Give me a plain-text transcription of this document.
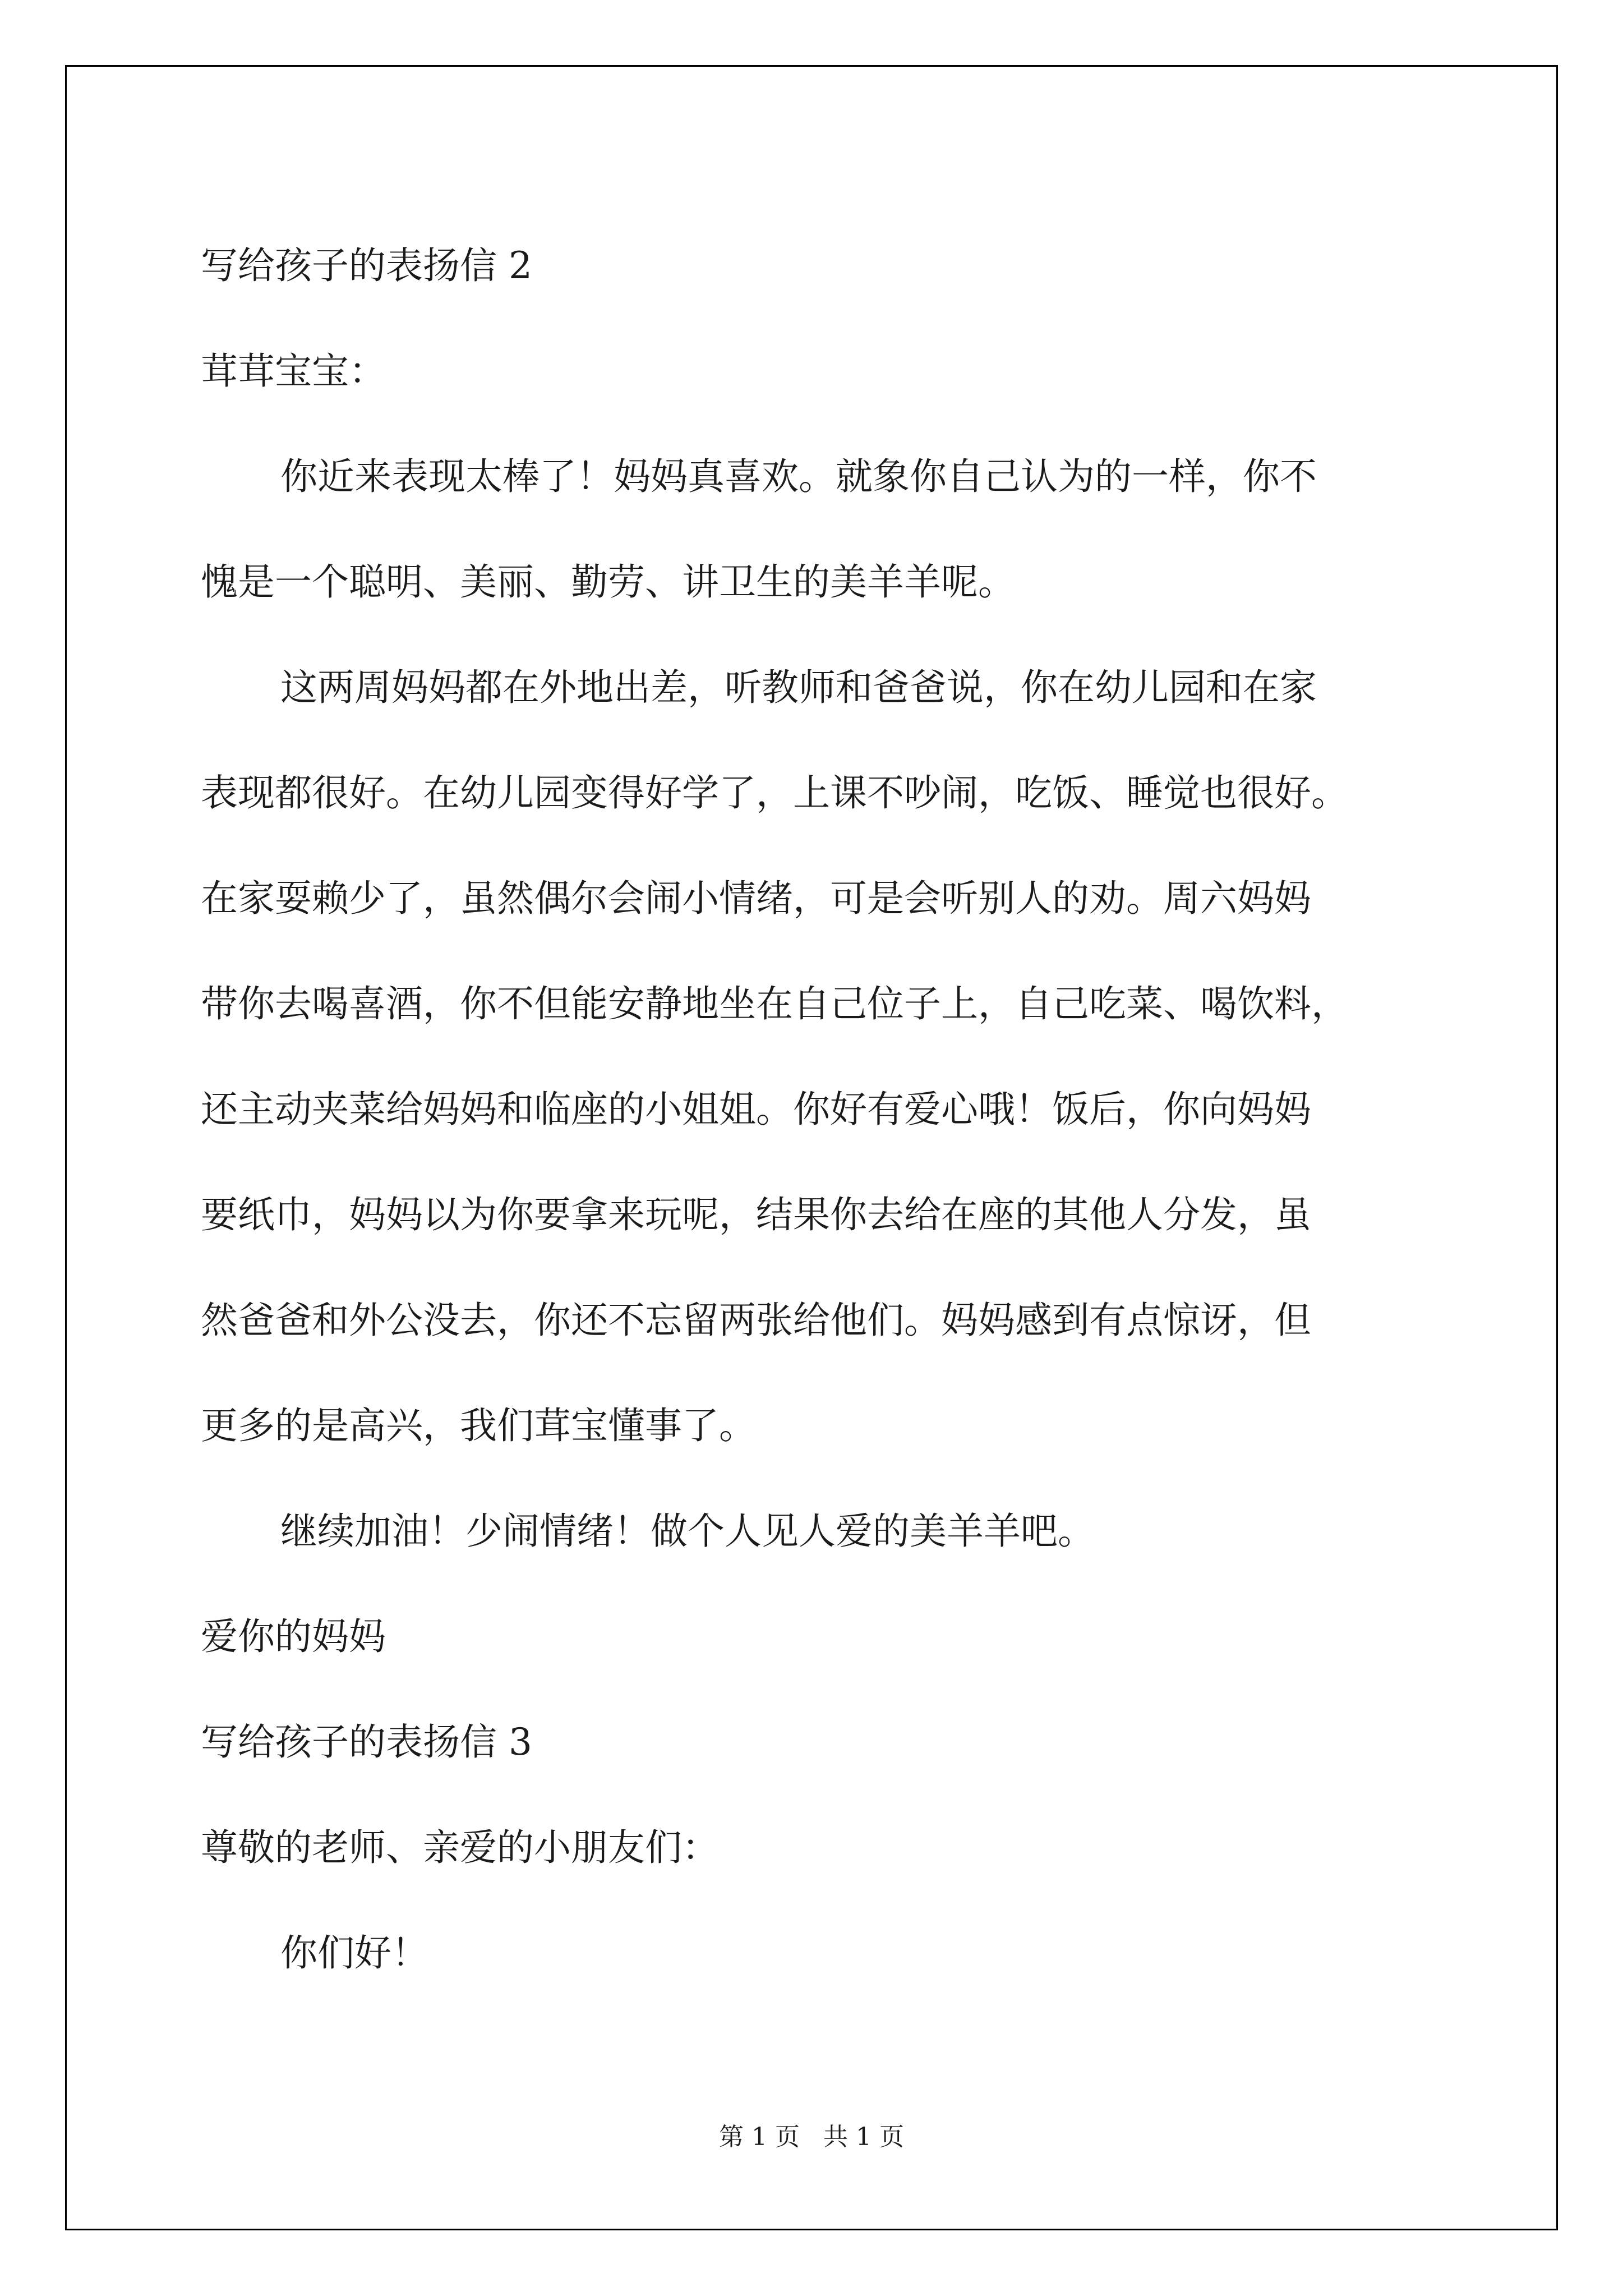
写给孩子的表扬信 2

茸茸宝宝：

你近来表现太棒了！妈妈真喜欢。就象你自己认为的一样，你不

愧是一个聪明、美丽、勤劳、讲卫生的美羊羊呢。

这两周妈妈都在外地出差，听教师和爸爸说，你在幼儿园和在家

表现都很好。在幼儿园变得好学了，上课不吵闹，吃饭、睡觉也很好。

在家耍赖少了，虽然偶尔会闹小情绪，可是会听别人的劝。周六妈妈

带你去喝喜酒，你不但能安静地坐在自己位子上，自己吃菜、喝饮料，

还主动夹菜给妈妈和临座的小姐姐。你好有爱心哦！饭后，你向妈妈

要纸巾，妈妈以为你要拿来玩呢，结果你去给在座的其他人分发，虽

然爸爸和外公没去，你还不忘留两张给他们。妈妈感到有点惊讶，但

更多的是高兴，我们茸宝懂事了。

继续加油！少闹情绪！做个人见人爱的美羊羊吧。

爱你的妈妈

写给孩子的表扬信 3

尊敬的老师、亲爱的小朋友们：

你们好！

第 1 页   共 1 页
